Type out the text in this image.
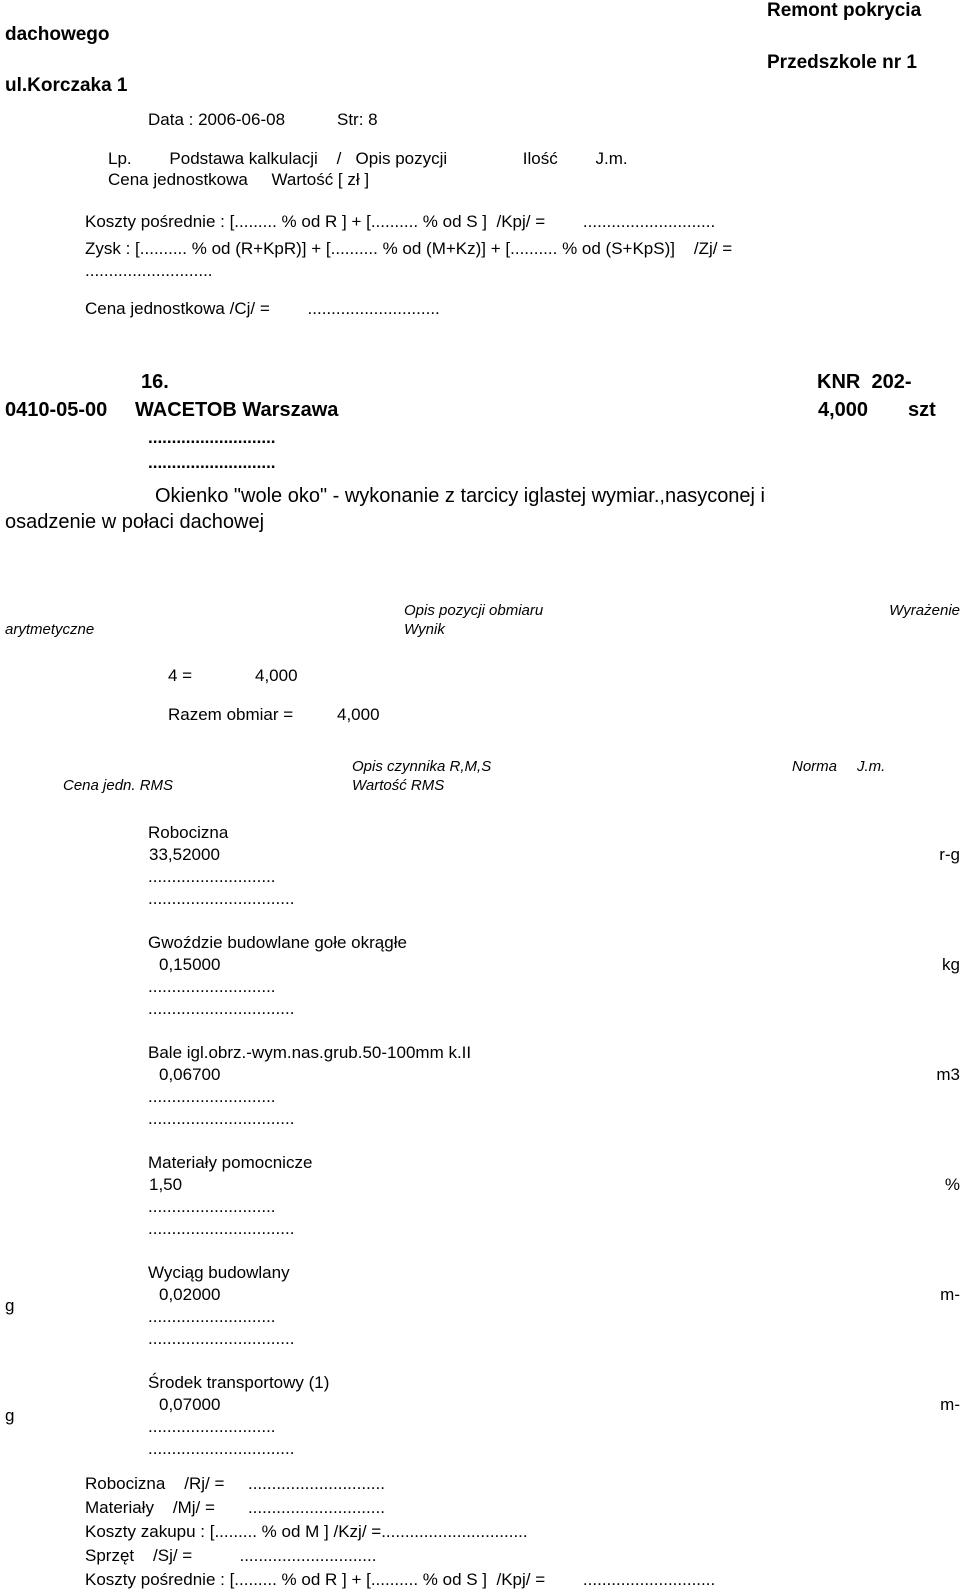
dachowego
ul.Korczaka 1
Remont pokrycia
Przedszkole nr 1
Data : 2006-06-08	Str: 8
Lp.        Podstawa kalkulacji    /   Opis pozycji                Ilość        J.m.
Cena jednostkowa     Wartość [ zł ]
Koszty pośrednie : [......... % od R ] + [.......... % od S ]  /Kpj/ =        ............................
Zysk : [.......... % od (R+KpR)] + [.......... % od (M+Kz)] + [.......... % od (S+KpS)]    /Zj/ =
...........................
Cena jednostkowa /Cj/ =        ............................
16.	KNR  202-
0410-05-00 WACETOB Warszawa	4,000 szt
...........................
...........................
Okienko "wole oko" - wykonanie z tarcicy iglastej wymiar.,nasyconej i
osadzenie w połaci dachowej
Opis pozycji obmiaru	Wyrażenie
arytmetyczne	Wynik
4 =	4,000
Razem obmiar =	4,000
Opis czynnika R,M,S	Norma J.m.
Cena jedn. RMS	Wartość RMS
Robocizna
33,52000	r-g
...........................
...............................
Gwoździe budowlane gołe okrągłe
0,15000	kg
...........................
...............................
Bale igl.obrz.-wym.nas.grub.50-100mm k.II
0,06700	m3
...........................
...............................
Materiały pomocnicze
1,50	%
...........................
...............................
Wyciąg budowlany
0,02000	m-
...........................
...............................
g
Środek transportowy (1)
0,07000	m-
...........................
...............................
g
Robocizna    /Rj/ =     .............................
Materiały    /Mj/ =       .............................
Koszty zakupu : [......... % od M ] /Kzj/ =...............................
Sprzęt    /Sj/ =          .............................
Koszty pośrednie : [......... % od R ] + [.......... % od S ]  /Kpj/ =        ............................
